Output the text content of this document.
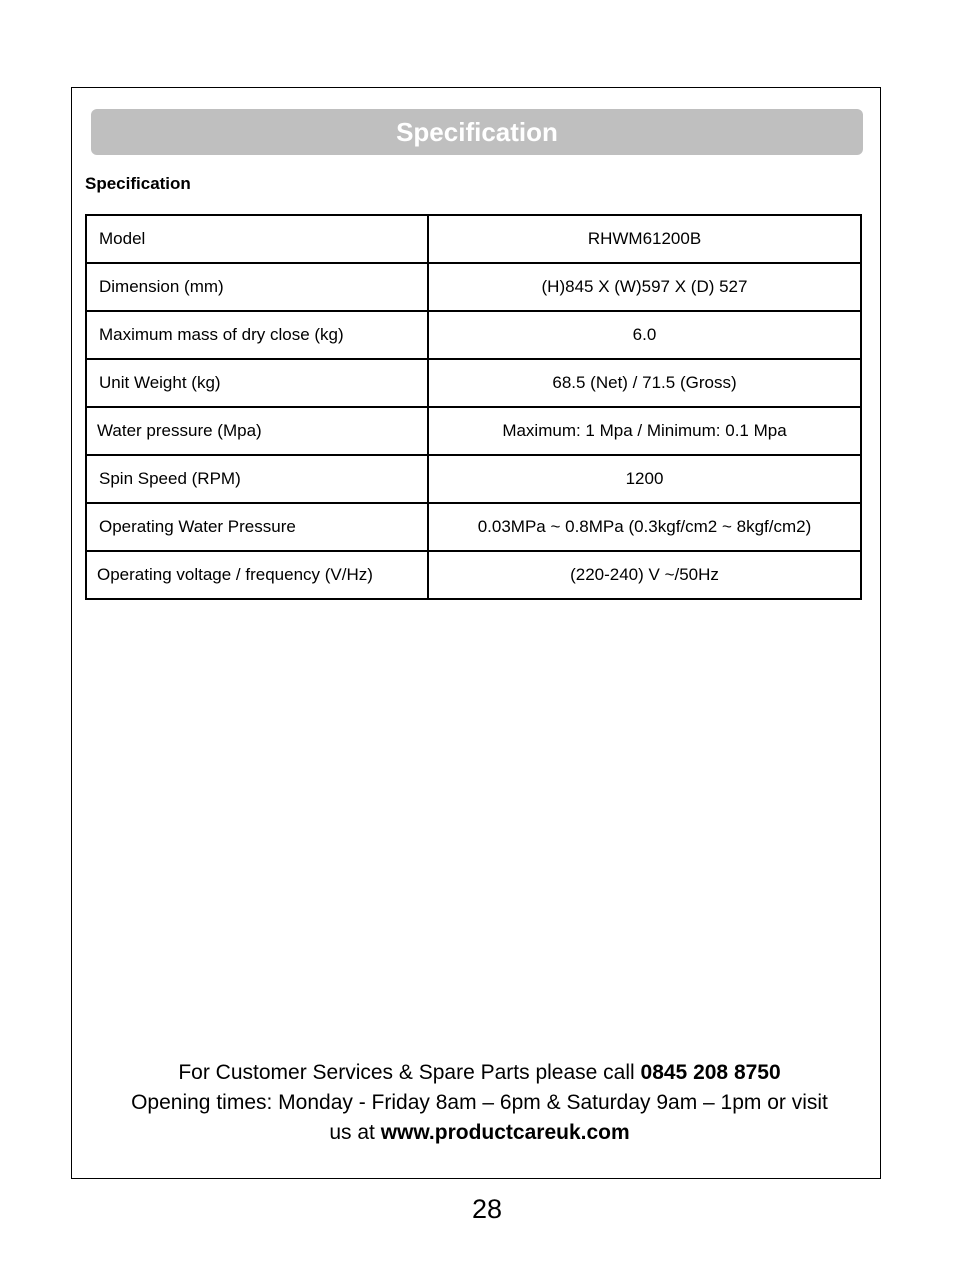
Specification
Specification
Model	RHWM61200B
Dimension (mm)	(H)845 X (W)597 X (D) 527
Maximum mass of dry close (kg)	6.0
Unit Weight (kg)	68.5 (Net) / 71.5 (Gross)
Water pressure (Mpa)	Maximum: 1 Mpa / Minimum: 0.1 Mpa
Spin Speed (RPM)	1200
Operating Water Pressure	0.03MPa ~ 0.8MPa (0.3kgf/cm2 ~ 8kgf/cm2)
Operating voltage / frequency (V/Hz)	(220-240) V ~/50Hz
For Customer Services & Spare Parts please call 0845 208 8750
Opening times: Monday - Friday 8am – 6pm & Saturday 9am – 1pm or visit
us at www.productcareuk.com
28
